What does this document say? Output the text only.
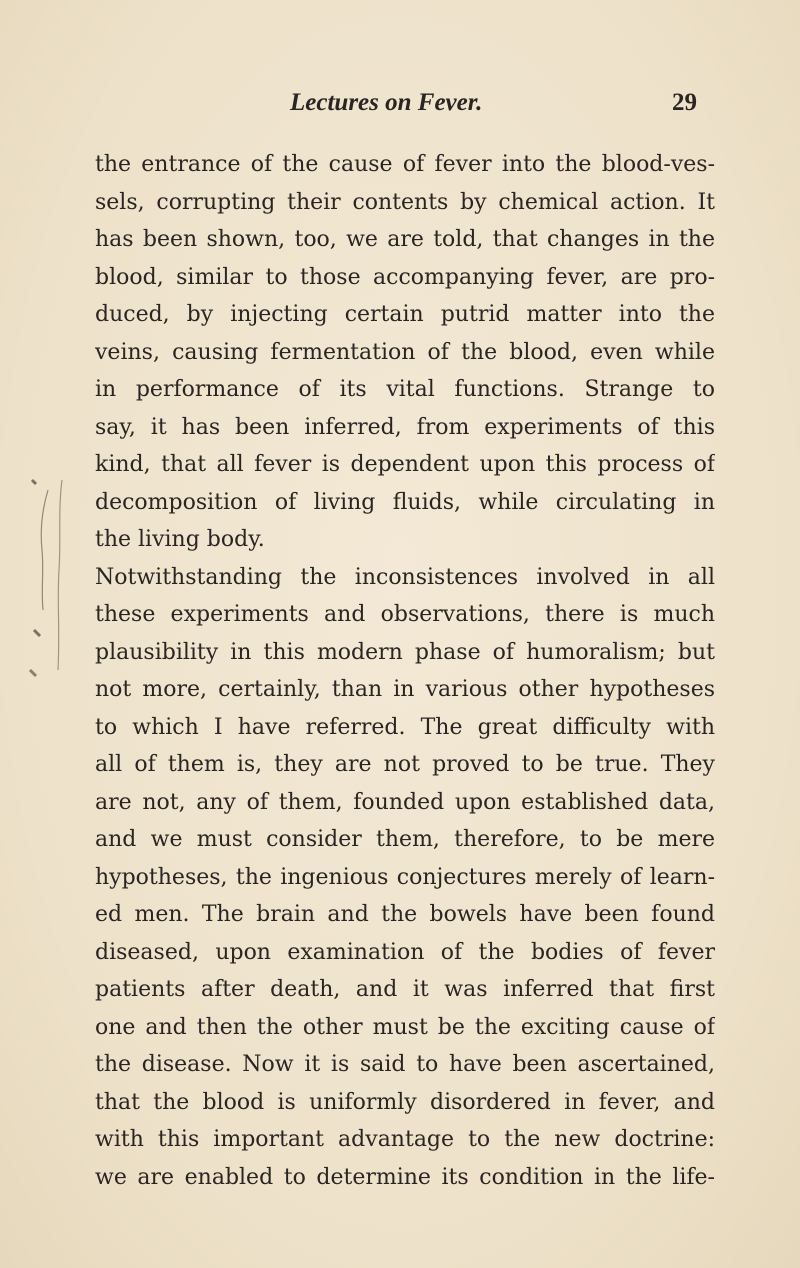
Lectures on Fever.	29
the entrance of the cause of fever into the blood-ves-
sels, corrupting their contents by chemical action. It
has been shown, too, we are told, that changes in the
blood, similar to those accompanying fever, are pro-
duced, by injecting certain putrid matter into the
veins, causing fermentation of the blood, even while
in performance of its vital functions. Strange to
say, it has been inferred, from experiments of this
kind, that all fever is dependent upon this process of
decomposition of living fluids, while circulating in
the living body.
Notwithstanding the inconsistences involved in all
these experiments and observations, there is much
plausibility in this modern phase of humoralism; but
not more, certainly, than in various other hypotheses
to which I have referred. The great difficulty with
all of them is, they are not proved to be true. They
are not, any of them, founded upon established data,
and we must consider them, therefore, to be mere
hypotheses, the ingenious conjectures merely of learn-
ed men. The brain and the bowels have been found
diseased, upon examination of the bodies of fever
patients after death, and it was inferred that first
one and then the other must be the exciting cause of
the disease. Now it is said to have been ascertained,
that the blood is uniformly disordered in fever, and
with this important advantage to the new doctrine:
we are enabled to determine its condition in the life-
